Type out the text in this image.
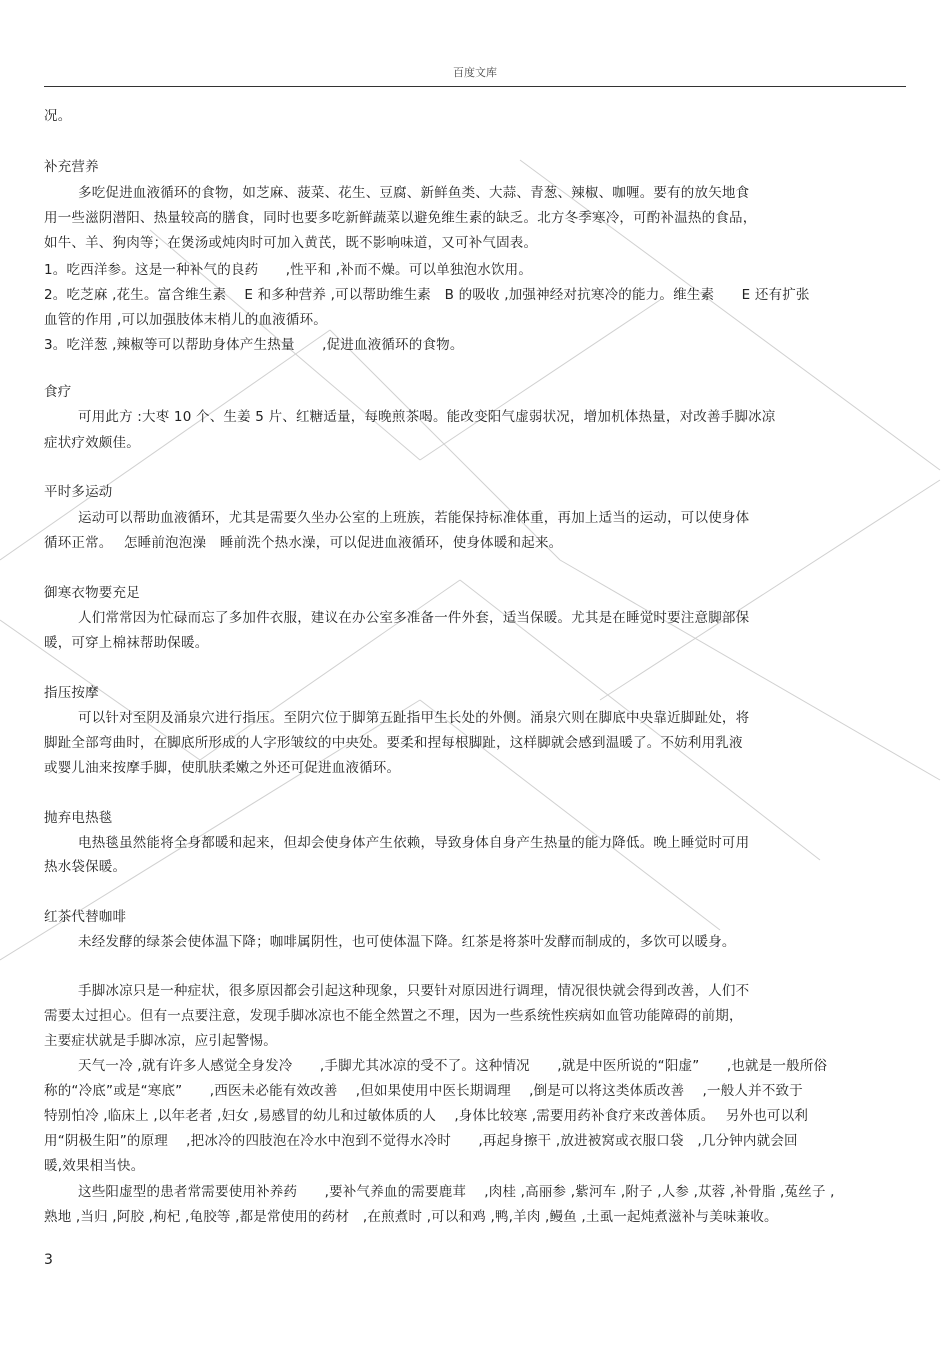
百度文库
况。
补充营养
多吃促进血液循环的食物，如芝麻、菠菜、花生、豆腐、新鲜鱼类、大蒜、青葱、辣椒、咖喱。要有的放矢地食
用一些滋阴潜阳、热量较高的膳食，同时也要多吃新鲜蔬菜以避免维生素的缺乏。北方冬季寒冷，可酌补温热的食品，
如牛、羊、狗肉等；在煲汤或炖肉时可加入黄芪，既不影响味道，又可补气固表。
1。吃西洋参。这是一种补气的良药　　,性平和 ,补而不燥。可以单独泡水饮用。
2。吃芝麻 ,花生。富含维生素　 E 和多种营养 ,可以帮助维生素　B 的吸收 ,加强神经对抗寒冷的能力。维生素　　E 还有扩张
血管的作用 ,可以加强肢体末梢儿的血液循环。
3。吃洋葱 ,辣椒等可以帮助身体产生热量　　,促进血液循环的食物。
食疗
可用此方 :大枣 10 个、生姜 5 片、红糖适量，每晚煎茶喝。能改变阳气虚弱状况，增加机体热量，对改善手脚冰凉
症状疗效颇佳。
平时多运动
运动可以帮助血液循环，尤其是需要久坐办公室的上班族，若能保持标准体重，再加上适当的运动，可以使身体
循环正常。　 怎睡前泡泡澡　睡前洗个热水澡，可以促进血液循环，使身体暖和起来。
御寒衣物要充足
人们常常因为忙碌而忘了多加件衣服，建议在办公室多准备一件外套，适当保暖。尤其是在睡觉时要注意脚部保
暖，可穿上棉袜帮助保暖。
指压按摩
可以针对至阴及涌泉穴进行指压。至阴穴位于脚第五趾指甲生长处的外侧。涌泉穴则在脚底中央靠近脚趾处，将
脚趾全部弯曲时，在脚底所形成的人字形皱纹的中央处。要柔和捏每根脚趾，这样脚就会感到温暖了。不妨利用乳液
或婴儿油来按摩手脚，使肌肤柔嫩之外还可促进血液循环。
抛弃电热毯
电热毯虽然能将全身都暖和起来，但却会使身体产生依赖，导致身体自身产生热量的能力降低。晚上睡觉时可用
热水袋保暖。
红茶代替咖啡
未经发酵的绿茶会使体温下降；咖啡属阴性，也可使体温下降。红茶是将茶叶发酵而制成的，多饮可以暖身。
手脚冰凉只是一种症状，很多原因都会引起这种现象，只要针对原因进行调理，情况很快就会得到改善，人们不
需要太过担心。但有一点要注意，发现手脚冰凉也不能全然置之不理，因为一些系统性疾病如血管功能障碍的前期，
主要症状就是手脚冰凉，应引起警惕。
天气一冷 ,就有许多人感觉全身发冷　　,手脚尤其冰凉的受不了。这种情况　　,就是中医所说的“阳虚”　　,也就是一般所俗
称的“冷底”或是“寒底”　　,西医未必能有效改善　 ,但如果使用中医长期调理　 ,倒是可以将这类体质改善　 ,一般人并不致于
特别怕冷 ,临床上 ,以年老者 ,妇女 ,易感冒的幼儿和过敏体质的人　 ,身体比较寒 ,需要用药补食疗来改善体质。　 另外也可以利
用“阴极生阳”的原理　 ,把冰冷的四肢泡在冷水中泡到不觉得水冷时　　,再起身擦干 ,放进被窝或衣服口袋　,几分钟内就会回
暖,效果相当快。
这些阳虚型的患者常需要使用补养药　　,要补气养血的需要鹿茸　 ,肉桂 ,高丽参 ,紫河车 ,附子 ,人参 ,苁蓉 ,补骨脂 ,菟丝子 ,
熟地 ,当归 ,阿胶 ,枸杞 ,龟胶等 ,都是常使用的药材　,在煎煮时 ,可以和鸡 ,鸭,羊肉 ,鳗鱼 ,土虱一起炖煮滋补与美味兼收。
3
